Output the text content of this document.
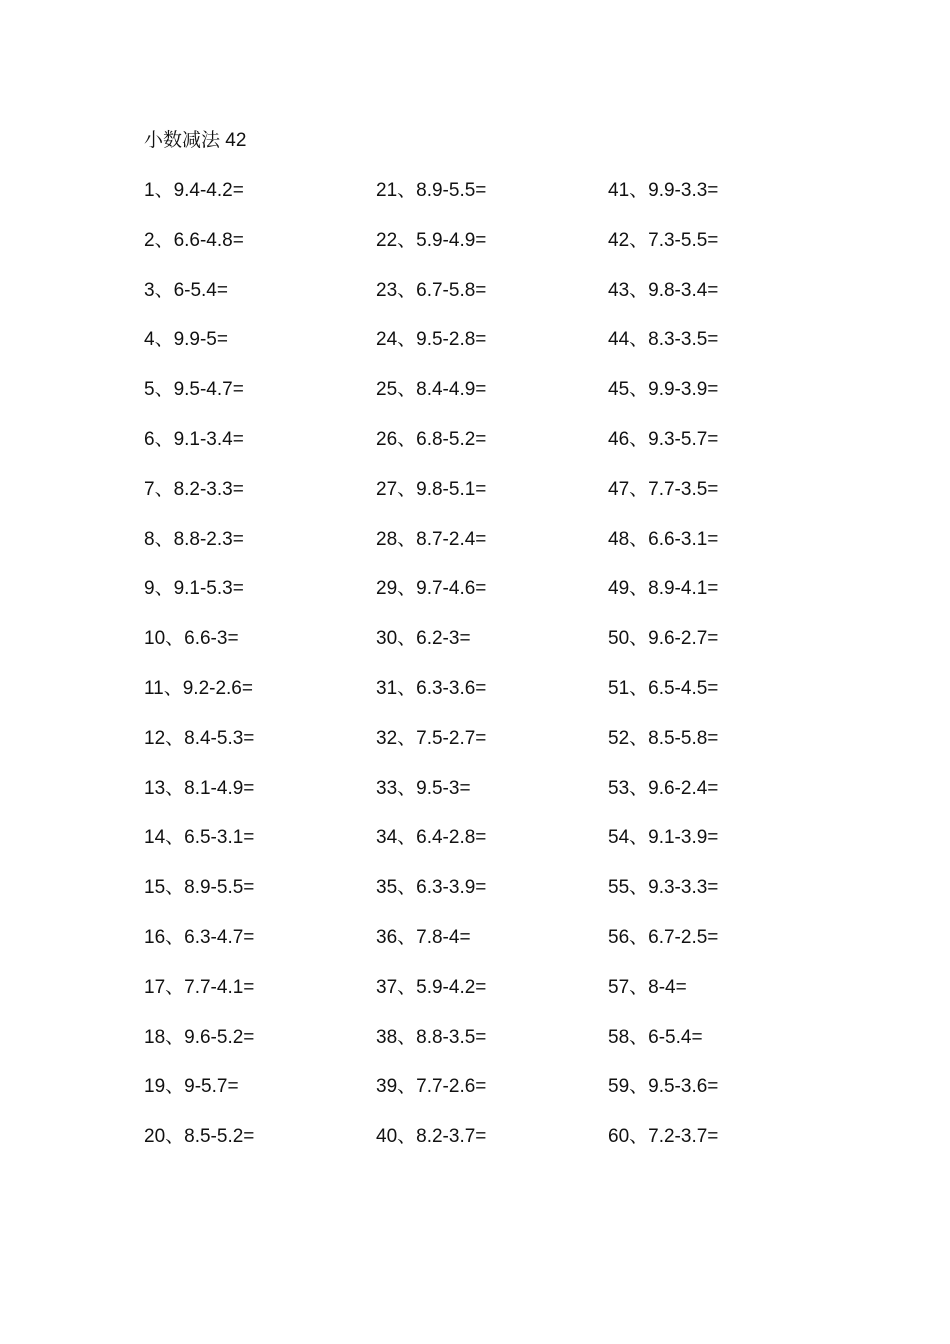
小数减法 42
1、9.4-4.2=
2、6.6-4.8=
3、6-5.4=
4、9.9-5=
5、9.5-4.7=
6、9.1-3.4=
7、8.2-3.3=
8、8.8-2.3=
9、9.1-5.3=
10、6.6-3=
11、9.2-2.6=
12、8.4-5.3=
13、8.1-4.9=
14、6.5-3.1=
15、8.9-5.5=
16、6.3-4.7=
17、7.7-4.1=
18、9.6-5.2=
19、9-5.7=
20、8.5-5.2=
21、8.9-5.5=
22、5.9-4.9=
23、6.7-5.8=
24、9.5-2.8=
25、8.4-4.9=
26、6.8-5.2=
27、9.8-5.1=
28、8.7-2.4=
29、9.7-4.6=
30、6.2-3=
31、6.3-3.6=
32、7.5-2.7=
33、9.5-3=
34、6.4-2.8=
35、6.3-3.9=
36、7.8-4=
37、5.9-4.2=
38、8.8-3.5=
39、7.7-2.6=
40、8.2-3.7=
41、9.9-3.3=
42、7.3-5.5=
43、9.8-3.4=
44、8.3-3.5=
45、9.9-3.9=
46、9.3-5.7=
47、7.7-3.5=
48、6.6-3.1=
49、8.9-4.1=
50、9.6-2.7=
51、6.5-4.5=
52、8.5-5.8=
53、9.6-2.4=
54、9.1-3.9=
55、9.3-3.3=
56、6.7-2.5=
57、8-4=
58、6-5.4=
59、9.5-3.6=
60、7.2-3.7=
